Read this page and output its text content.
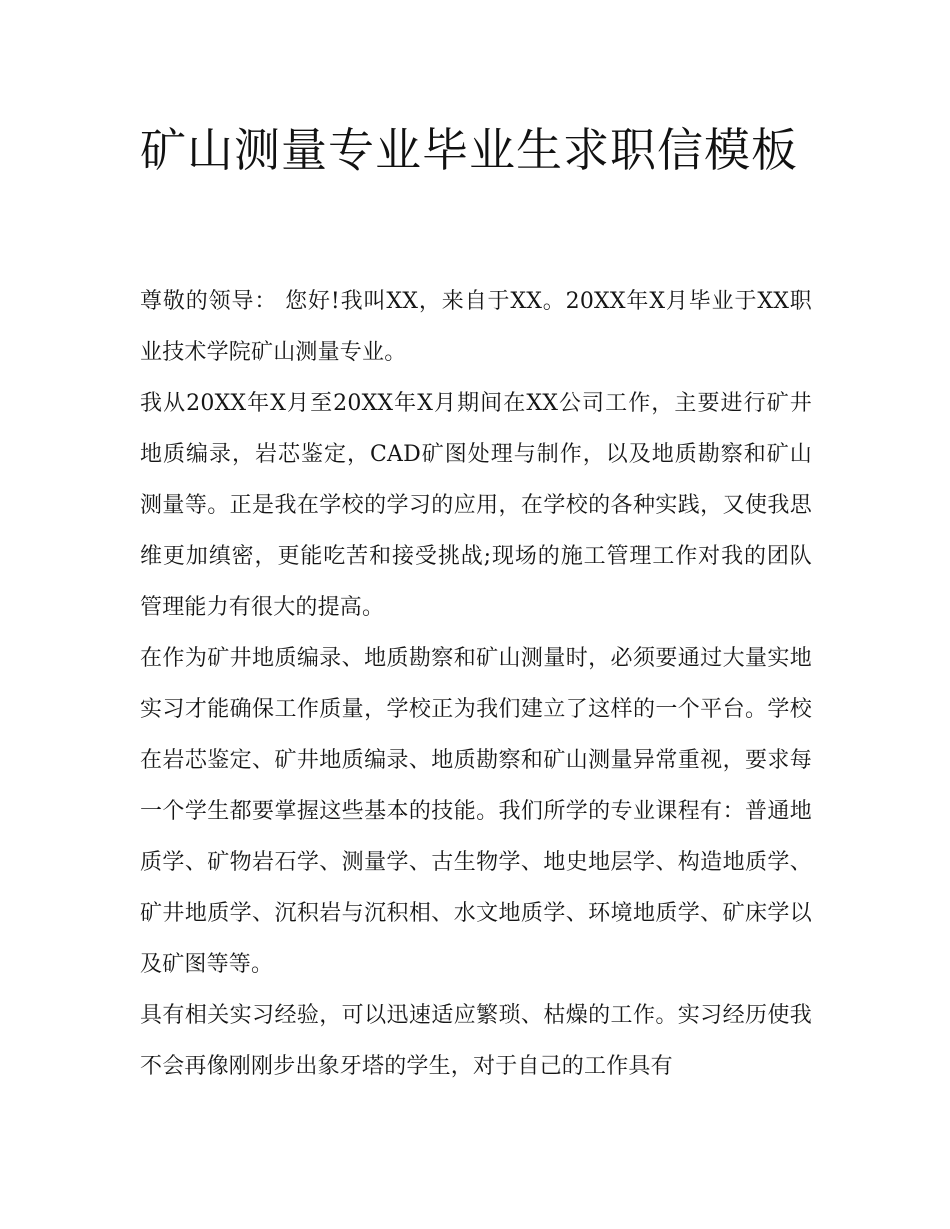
矿山测量专业毕业生求职信模板

尊敬的领导： 您好!我叫XX，来自于XX。20XX年X月毕业于XX职业技术学院矿山测量专业。

我从20XX年X月至20XX年X月期间在XX公司工作，主要进行矿井地质编录，岩芯鉴定，CAD矿图处理与制作，以及地质勘察和矿山测量等。正是我在学校的学习的应用，在学校的各种实践，又使我思维更加缜密，更能吃苦和接受挑战;现场的施工管理工作对我的团队管理能力有很大的提高。

在作为矿井地质编录、地质勘察和矿山测量时，必须要通过大量实地实习才能确保工作质量，学校正为我们建立了这样的一个平台。学校在岩芯鉴定、矿井地质编录、地质勘察和矿山测量异常重视，要求每一个学生都要掌握这些基本的技能。我们所学的专业课程有：普通地质学、矿物岩石学、测量学、古生物学、地史地层学、构造地质学、矿井地质学、沉积岩与沉积相、水文地质学、环境地质学、矿床学以及矿图等等。

具有相关实习经验，可以迅速适应繁琐、枯燥的工作。实习经历使我不会再像刚刚步出象牙塔的学生，对于自己的工作具有
